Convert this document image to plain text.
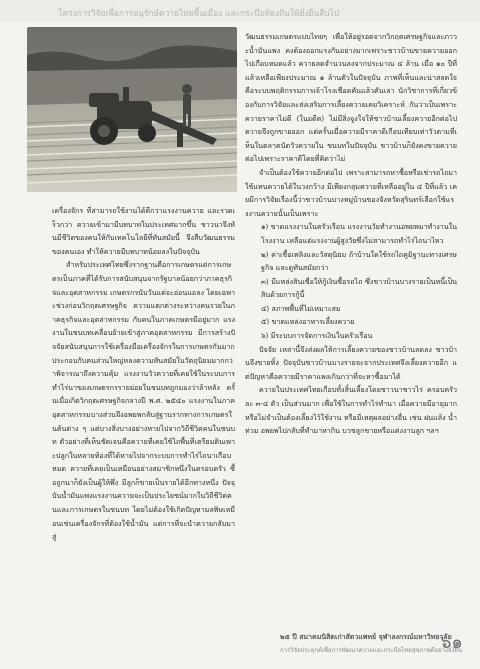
โครงการวิจัยเพื่อการอนุรักษ์ควายไทยพื้นเมือง และกระบือท้องถิ่นให้ยั่งยืนสืบไป

เครื่องจักร ที่สามารถใช้งานได้ดีกว่าแรงงานควาย และรวดเร็วกว่า ควายเข้ามามีบทบาทในประเทศมากขึ้น ชาวนาจึงหันมีชีวิตของคนให้กับเทคโนโลยีที่ทันสมัยนี้ จึงสืบวัฒนธรรมของคนเอง ทำให้ควายมีบทบาทน้อยลงในปัจจุบัน

สำหรับประเทศไทยซึ่งรากฐานคือการเกษตรแต่การเกษตรเป็นภาคที่ได้รับการสนับสนุนจากรัฐบาลน้อยกว่าภาคธุรกิจและอุตสาหกรรม เกษตรกรนับวันแต่จะอ่อนแอลง โดยเฉพาะช่วงก่อนวิกฤตเศรษฐกิจ ความแตกต่างระหว่างคนรวยในภาคธุรกิจและอุตสาหกรรม กับคนในภาคเกษตรมีอยู่มาก แรงงานในชนบทเคลื่อนย้ายเข้าสู่ภาคอุตสาหกรรม มีการสร้างปัจจัยสนับสนุนการใช้เครื่องมือเครื่องจักรในการเกษตรกันมาก ประกอบกับคนส่วนใหญ่หลงความทันสมัยในวัตถุนิยมมากกว่าพิจารณาถึงความคุ้ม แรงงานวัวควายที่เคยใช้ในระบบการทำไร่นาของเกษตรกรรายย่อยในชนบทถูกมองว่าล้าหลัง ครั้นเมื่อเกิดวิกฤตเศรษฐกิจกลางปี พ.ศ. ๒๕๔๐ แรงงานในภาคอุตสาหกรรมบางส่วนจึงอพยพกลับสู่ฐานรากทางการเกษตรในต้นต่าง ๆ แต่บางสิ่งบางอย่างหายไปจากวิถีชีวิตคนในชนบท ตัวอย่างที่เห็นชัดเจนคือควายที่เคยใช้ไถพื้นที่เตรียมดินเพาะปลูกในหลายท้องที่ได้หายไปจากระบบการทำไร่ไถนาเกือบหมด ควายที่เคยเป็นเหมือนอย่างสมาชิกหนึ่งในครอบครัว ซื้อถูกนาก็ยังเป็นผู้ให้พึ่ง มีลูกก็ขายเป็นรายได้อีกทางหนึ่ง ปัจจุบันน้ำมันแพงแรงงานควายจะเป็นประโยชน์มากในวิถีชีวิตคนและการเกษตรในชนบท โดยไม่ต้องใช้เกิดปัญหามลพิษเหมือนเช่นเครื่องจักรที่ต้องใช้น้ำมัน แต่การที่จะนำควายกลับมาสู่

วัฒนธรรมเกษตรแบบไทยๆ เพื่อให้อยู่รอดจากวิกฤตเศรษฐกิจและภาวะน้ำมันแพง คงต้องออกแรงกันอย่างมากเพราะชาวบ้านขายควายออกไปเกือบหมดแล้ว ควายลดจำนวนลงจากประมาณ ๔ ล้าน เมื่อ ๑๐ ปีที่แล้วเหลือเพียงประมาณ ๑ ล้านตัวในปัจจุบัน ภาพที่เห็นและน่าสลดใจ คือระบบพฤติกรรมการเจ้าโรงเชือดคันแล้วคันเล่า นักวิชาการที่เกี่ยวข้องกับการวิจัยและส่งเสริมการเลี้ยงควายเคยวิเคราะห์ กันว่าเป็นเพราะควายราคาไม่ดี (ในอดีต) ไม่มีสิ่งจูงใจให้ชาวบ้านเลี้ยงควายอีกต่อไป ควายจึงถูกขายออก แต่ครั้นเมื่อควายมีราคาดีเกือบเทียบเท่าวัวตามที่เห็นในตลาดนัดวัวควายใน ชนบทในปัจจุบัน ชาวบ้านก็ยังคงขายควายต่อไปเพราะราคาดีโดยที่คิดว่าไม่

จำเป็นต้องใช้ควายอีกต่อไป เพราะสามารถหาซื้อหรือเช่ารถไถมาใช้แทนควายได้ในวงกว้าง มีเพียงกลุ่มควายที่เหลืออยู่ใน ๔ ปีที่แล้ว เคยมีการวิจัยเรื่องนี้ว่าชาวบ้านบางหมู่บ้านของจังหวัดสุรินทร์เลือกใช้แรงงานควายนั้นเป็นเพราะ

๑) ขาดแรงงานในครัวเรือน แรงงานวัยทำงานอพยพมาทำงานในโรงงาน เหลือแต่แรงงานผู้สูงวัยซึ่งไม่สามารถทำไร่ไถนาไหว
๒) ค่าเชื้อเพลิงและวัสดุนิยม ถ้าบ้านใดใช้รถไถคูมิฐานะทางเศรษฐกิจ และดูทันสมัยกว่า
๓) มีแหล่งสินเชื่อให้กู้เงินซื้อรถไถ ซึ่งชาวบ้านบางรายเป็นหนี้เป็นสินด้วยการกู้นี้
๔) สภาพพื้นที่ไม่เหมาะสม
๕) ขาดแหล่งอาหารเลี้ยงควาย
๖) มีระบบการจัดการเงินในครัวเรือน

ปัจจัย เหล่านี้จึงส่งผลให้การเลี้ยงควายของชาวบ้านลดลง ชาวบ้านจึงขายทิ้ง ปัจจุบันชาวบ้านบางรายจะจากประเทศจึงเลี้ยงควายอีก แต่ปัญหาคือควายมีราคาแพงเกินกว่าที่จะหาซื้อมาได้

ควายในประเทศไทยเกือบทั้งสิ้นเลี้ยงโดยชาวนาชาวไร่ ครอบครัวละ ๓-๔ ตัว เป็นส่วนมาก เพื่อใช้ในการทำไร่ทำนา เมื่อควายมีอายุมากหรือไม่จำเป็นต้องเลี้ยงไว้ใช้งาน หรือมีเหตุผลอย่างอื่น เช่น ฝนแล้ง น้ำท่วม อพยพไปกลับที่ทำมาหากิน บวชลูกชายหรือแต่งงานลูก ฯลฯ

๒๕ ปี สมาคมนิสิตเก่าสัตวแพทย์ จุฬาลงกรณ์มหาวิทยาลัย
การวิจัยประยุกต์เพื่อการพัฒนาควายและกระบือไทยสุขภาพดีอย่างยั่งยืน
๖๑
